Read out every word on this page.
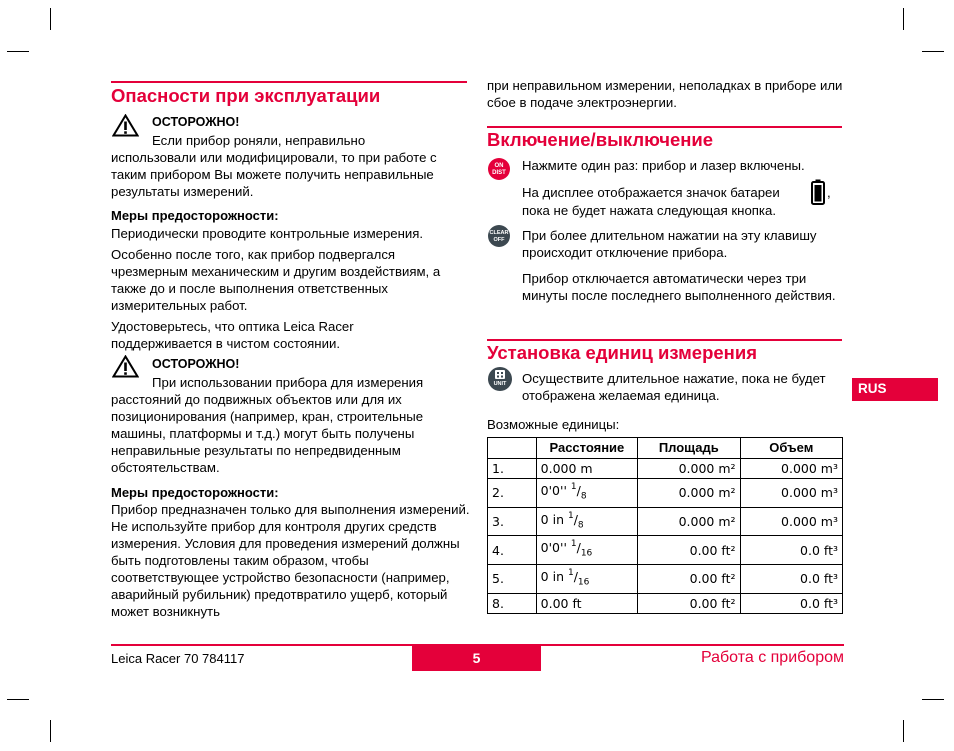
Опасности при эксплуатации
ОСТОРОЖНО!

Если прибор роняли, неправильно

использовали или модифицировали, то при работе с таким прибором Вы можете получить неправильные результаты измерений.

Меры предосторожности:

Периодически проводите контрольные измерения.

Особенно после того, как прибор подвергался чрезмерным механическим и другим воздействиям, а также до и после выполнения ответственных измерительных работ.

Удостоверьтесь, что оптика Leica Racer поддерживается в чистом состоянии.

ОСТОРОЖНО!

При использовании прибора для измерения

расстояний до подвижных объектов или для их позиционирования (например, кран, строительные машины, платформы и т.д.) могут быть получены неправильные результаты по непредвиденным обстоятельствам.

Меры предосторожности:

Прибор предназначен только для выполнения измерений. Не используйте прибор для контроля других средств измерения. Условия для проведения измерений должны быть подготовлены таким образом, чтобы соответствующее устройство безопасности (например, аварийный рубильник) предотвратило ущерб, который может возникнуть

при неправильном измерении, неполадках в приборе или сбое в подаче электроэнергии.

Включение/выключение
ON
DIST	Нажмите один раз: прибор и лазер включены.

На дисплее отображается значок батареи	,

пока не будет нажата следующая кнопка.

CLEAR
OFF	При более длительном нажатии на эту клавишу происходит отключение прибора.

Прибор отключается автоматически через три минуты после последнего выполненного действия.

Установка единиц измерения
UNIT	Осуществите длительное нажатие, пока не будет отображена желаемая единица.

Возможные единицы:

	Расстояние	Площадь	Объем
1.	0.000 m	0.000 m²	0.000 m³
2.	0'0'' $^1/_8$	0.000 m²	0.000 m³
3.	0 in $^1/_8$	0.000 m²	0.000 m³
4.	0'0'' $^1/_{16}$	0.00 ft²	0.0 ft³
5.	0 in $^1/_{16}$	0.00 ft²	0.0 ft³
8.	0.00 ft	0.00 ft²	0.0 ft³
RUS
Leica Racer 70 784117	5	Работа с прибором
